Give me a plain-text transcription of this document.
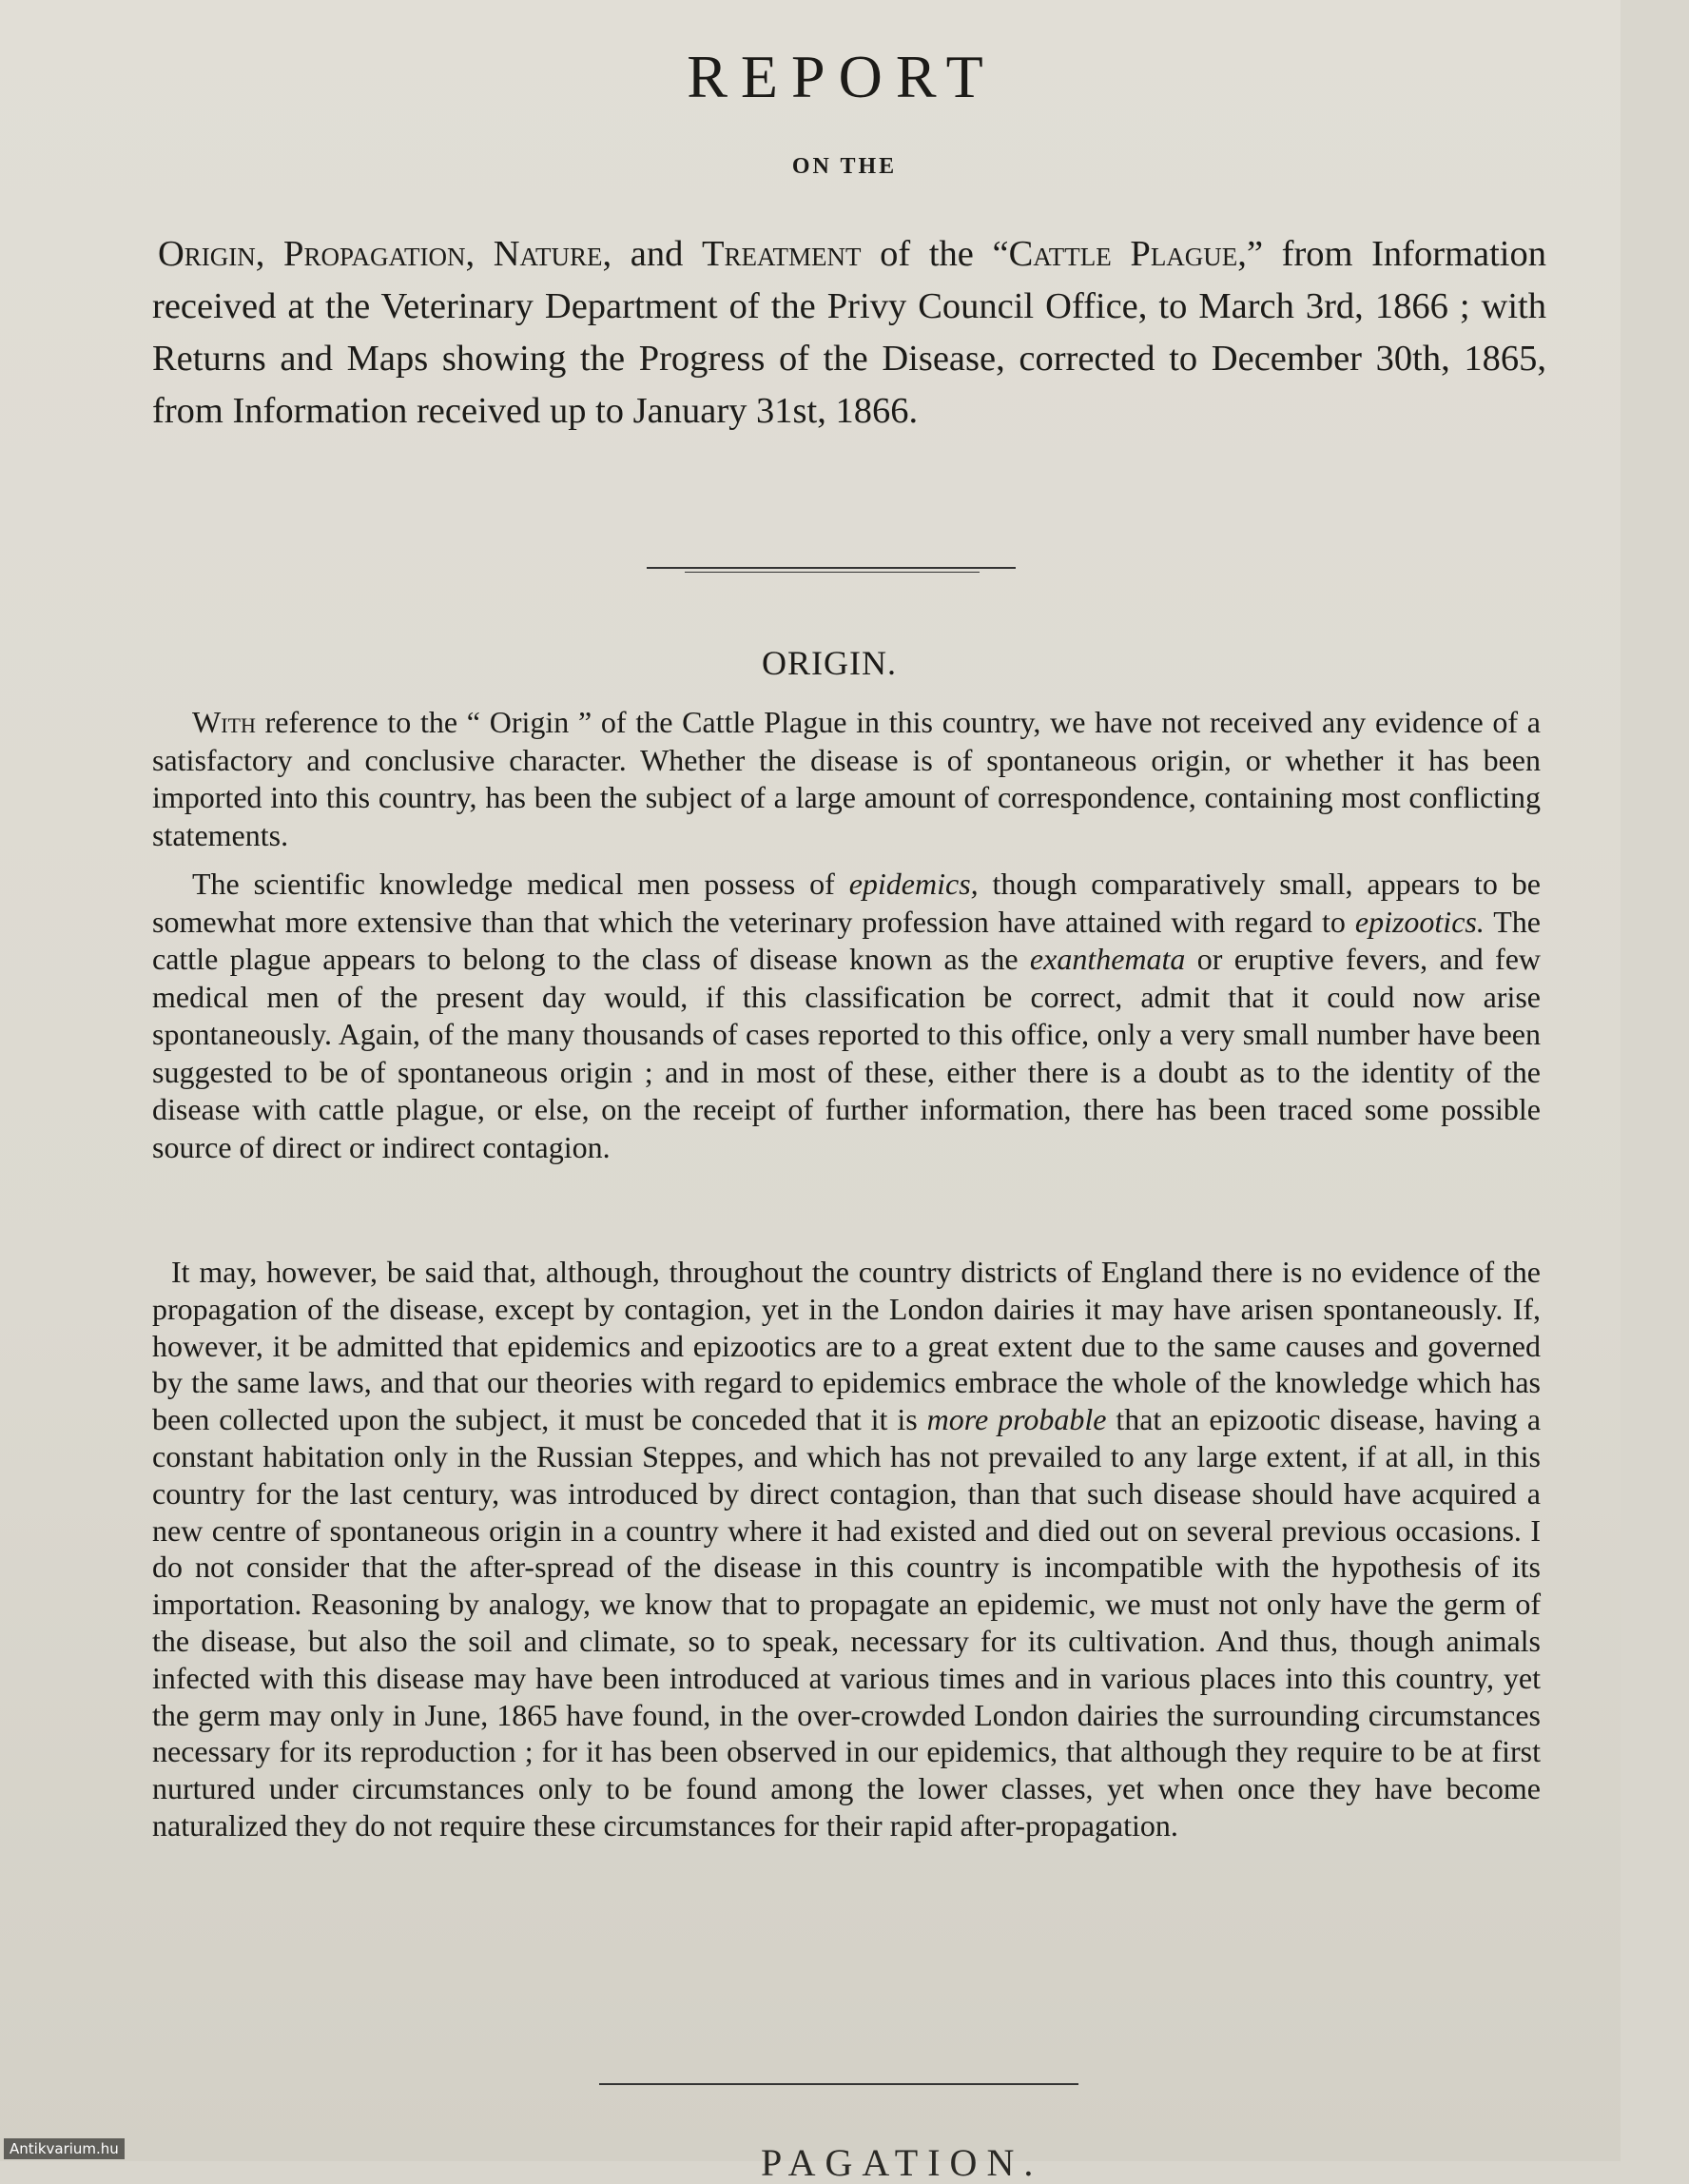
REPORT
ON THE
Origin, Propagation, Nature, and Treatment of the “Cattle Plague,” from Information received at the Veterinary Department of the Privy Council Office, to March 3rd, 1866 ; with Returns and Maps showing the Progress of the Disease, corrected to December 30th, 1865, from Information received up to January 31st, 1866.
ORIGIN.

With reference to the “ Origin ” of the Cattle Plague in this country, we have not received any evidence of a satisfactory and conclusive character. Whether the disease is of spontaneous origin, or whether it has been imported into this country, has been the subject of a large amount of correspondence, containing most conflicting statements.

The scientific knowledge medical men possess of epidemics, though comparatively small, appears to be somewhat more extensive than that which the veterinary profession have attained with regard to epizootics. The cattle plague appears to belong to the class of disease known as the exanthemata or eruptive fevers, and few medical men of the present day would, if this classification be correct, admit that it could now arise spontaneously. Again, of the many thousands of cases reported to this office, only a very small number have been suggested to be of spontaneous origin ; and in most of these, either there is a doubt as to the identity of the disease with cattle plague, or else, on the receipt of further information, there has been traced some possible source of direct or indirect contagion.

It may, however, be said that, although, throughout the country districts of England there is no evidence of the propagation of the disease, except by contagion, yet in the London dairies it may have arisen spontaneously. If, however, it be admitted that epidemics and epizootics are to a great extent due to the same causes and governed by the same laws, and that our theories with regard to epidemics embrace the whole of the knowledge which has been collected upon the subject, it must be conceded that it is more probable that an epizootic disease, having a constant habitation only in the Russian Steppes, and which has not prevailed to any large extent, if at all, in this country for the last century, was introduced by direct contagion, than that such disease should have acquired a new centre of spontaneous origin in a country where it had existed and died out on several previous occasions. I do not consider that the after-spread of the disease in this country is incompatible with the hypothesis of its importation. Reasoning by analogy, we know that to propagate an epidemic, we must not only have the germ of the disease, but also the soil and climate, so to speak, necessary for its cultivation. And thus, though animals infected with this disease may have been introduced at various times and in various places into this country, yet the germ may only in June, 1865 have found, in the over-crowded London dairies the surrounding circumstances necessary for its reproduction ; for it has been observed in our epidemics, that although they require to be at first nurtured under circumstances only to be found among the lower classes, yet when once they have become naturalized they do not require these circumstances for their rapid after-propagation.

PAGATION.
Antikvarium.hu
